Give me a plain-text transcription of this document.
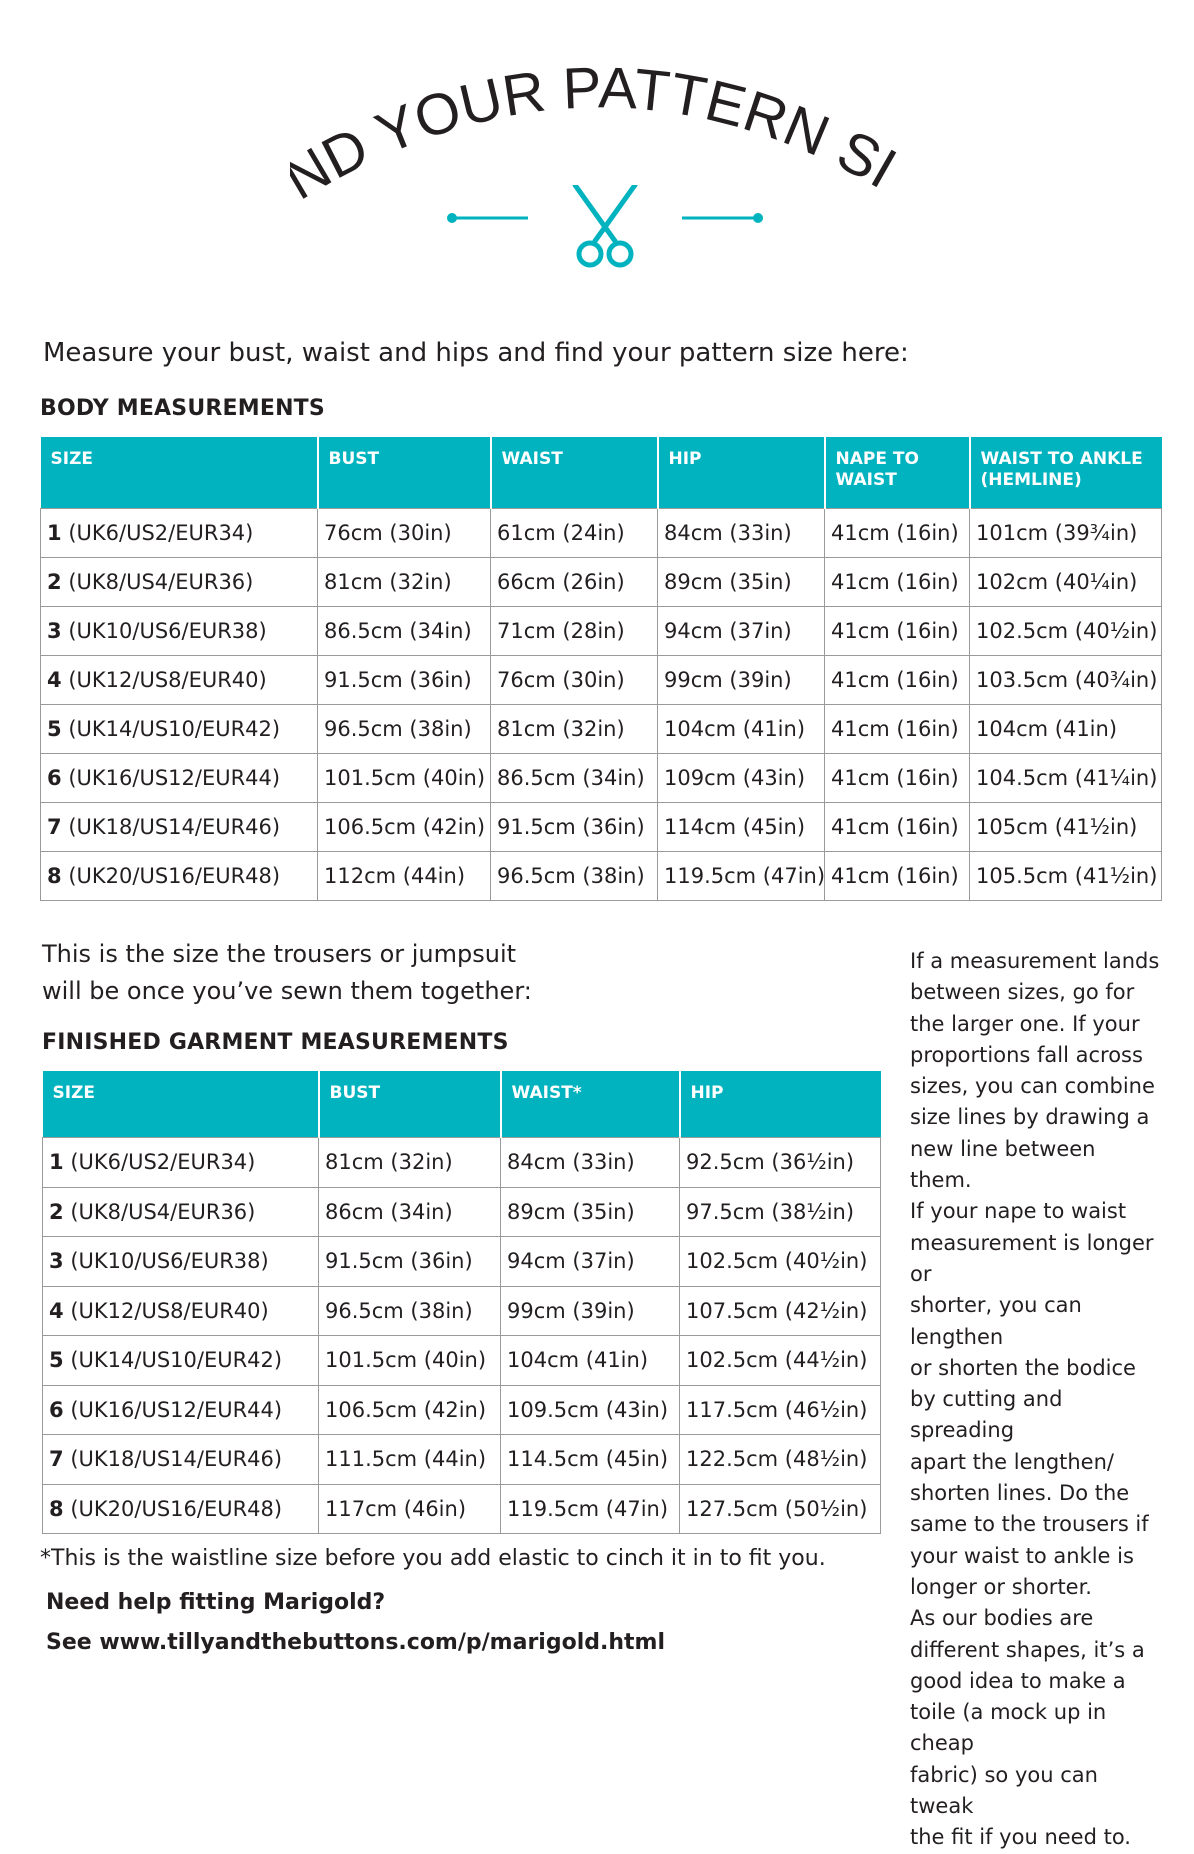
D YOUR PATTERN SI
Measure your bust, waist and hips and find your pattern size here:
BODY MEASUREMENTS
SIZE	BUST	WAIST	HIP	NAPE TO WAIST	WAIST TO ANKLE (HEMLINE)
1 (UK6/US2/EUR34)	76cm (30in)	61cm (24in)	84cm (33in)	41cm (16in)	101cm (39¾in)
2 (UK8/US4/EUR36)	81cm (32in)	66cm (26in)	89cm (35in)	41cm (16in)	102cm (40¼in)
3 (UK10/US6/EUR38)	86.5cm (34in)	71cm (28in)	94cm (37in)	41cm (16in)	102.5cm (40½in)
4 (UK12/US8/EUR40)	91.5cm (36in)	76cm (30in)	99cm (39in)	41cm (16in)	103.5cm (40¾in)
5 (UK14/US10/EUR42)	96.5cm (38in)	81cm (32in)	104cm (41in)	41cm (16in)	104cm (41in)
6 (UK16/US12/EUR44)	101.5cm (40in)	86.5cm (34in)	109cm (43in)	41cm (16in)	104.5cm (41¼in)
7 (UK18/US14/EUR46)	106.5cm (42in)	91.5cm (36in)	114cm (45in)	41cm (16in)	105cm (41½in)
8 (UK20/US16/EUR48)	112cm (44in)	96.5cm (38in)	119.5cm (47in)	41cm (16in)	105.5cm (41½in)
This is the size the trousers or jumpsuit
will be once you’ve sewn them together:
FINISHED GARMENT MEASUREMENTS
SIZE	BUST	WAIST*	HIP
1 (UK6/US2/EUR34)	81cm (32in)	84cm (33in)	92.5cm (36½in)
2 (UK8/US4/EUR36)	86cm (34in)	89cm (35in)	97.5cm (38½in)
3 (UK10/US6/EUR38)	91.5cm (36in)	94cm (37in)	102.5cm (40½in)
4 (UK12/US8/EUR40)	96.5cm (38in)	99cm (39in)	107.5cm (42½in)
5 (UK14/US10/EUR42)	101.5cm (40in)	104cm (41in)	102.5cm (44½in)
6 (UK16/US12/EUR44)	106.5cm (42in)	109.5cm (43in)	117.5cm (46½in)
7 (UK18/US14/EUR46)	111.5cm (44in)	114.5cm (45in)	122.5cm (48½in)
8 (UK20/US16/EUR48)	117cm (46in)	119.5cm (47in)	127.5cm (50½in)
If a measurement lands
between sizes, go for
the larger one. If your
proportions fall across
sizes, you can combine
size lines by drawing a
new line between them.
If your nape to waist
measurement is longer or
shorter, you can lengthen
or shorten the bodice
by cutting and spreading
apart the lengthen/
shorten lines. Do the
same to the trousers if
your waist to ankle is
longer or shorter.
As our bodies are
different shapes, it’s a
good idea to make a
toile (a mock up in cheap
fabric) so you can tweak
the fit if you need to.
*This is the waistline size before you add elastic to cinch it in to fit you.
Need help fitting Marigold?
See www.tillyandthebuttons.com/p/marigold.html
